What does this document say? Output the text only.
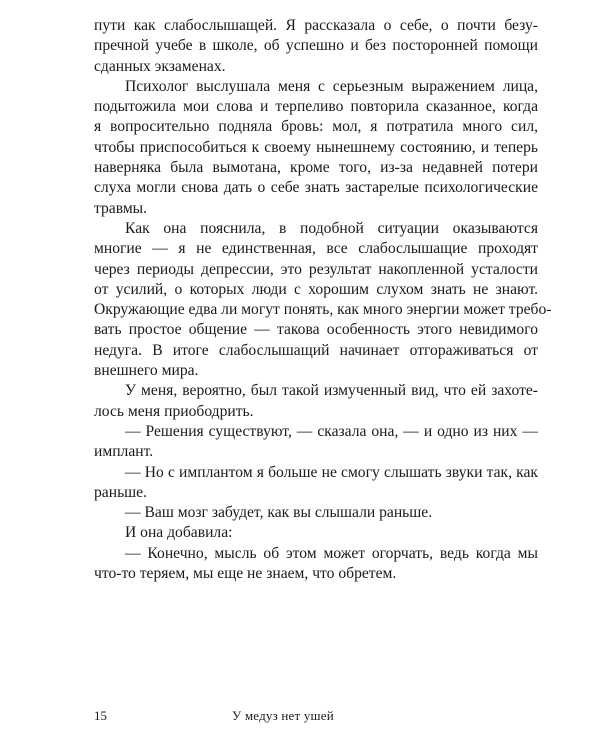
пути как слабослышащей. Я рассказала о себе, о почти безу-
пречной учебе в школе, об успешно и без посторонней помощи
сданных экзаменах.
Психолог выслушала меня с серьезным выражением лица,
подытожила мои слова и терпеливо повторила сказанное, когда
я вопросительно подняла бровь: мол, я потратила много сил,
чтобы приспособиться к своему нынешнему состоянию, и теперь
наверняка была вымотана, кроме того, из-за недавней потери
слуха могли снова дать о себе знать застарелые психологические
травмы.
Как она пояснила, в подобной ситуации оказываются
многие — я не единственная, все слабослышащие проходят
через периоды депрессии, это результат накопленной усталости
от усилий, о которых люди с хорошим слухом знать не знают.
Окружающие едва ли могут понять, как много энергии может требо-
вать простое общение — такова особенность этого невидимого
недуга. В итоге слабослышащий начинает отгораживаться от
внешнего мира.
У меня, вероятно, был такой измученный вид, что ей захоте-
лось меня приободрить.
— Решения существуют, — сказала она, — и одно из них —
имплант.
— Но с имплантом я больше не смогу слышать звуки так, как
раньше.
— Ваш мозг забудет, как вы слышали раньше.
И она добавила:
— Конечно, мысль об этом может огорчать, ведь когда мы
что-то теряем, мы еще не знаем, что обретем.
15	У медуз нет ушей
